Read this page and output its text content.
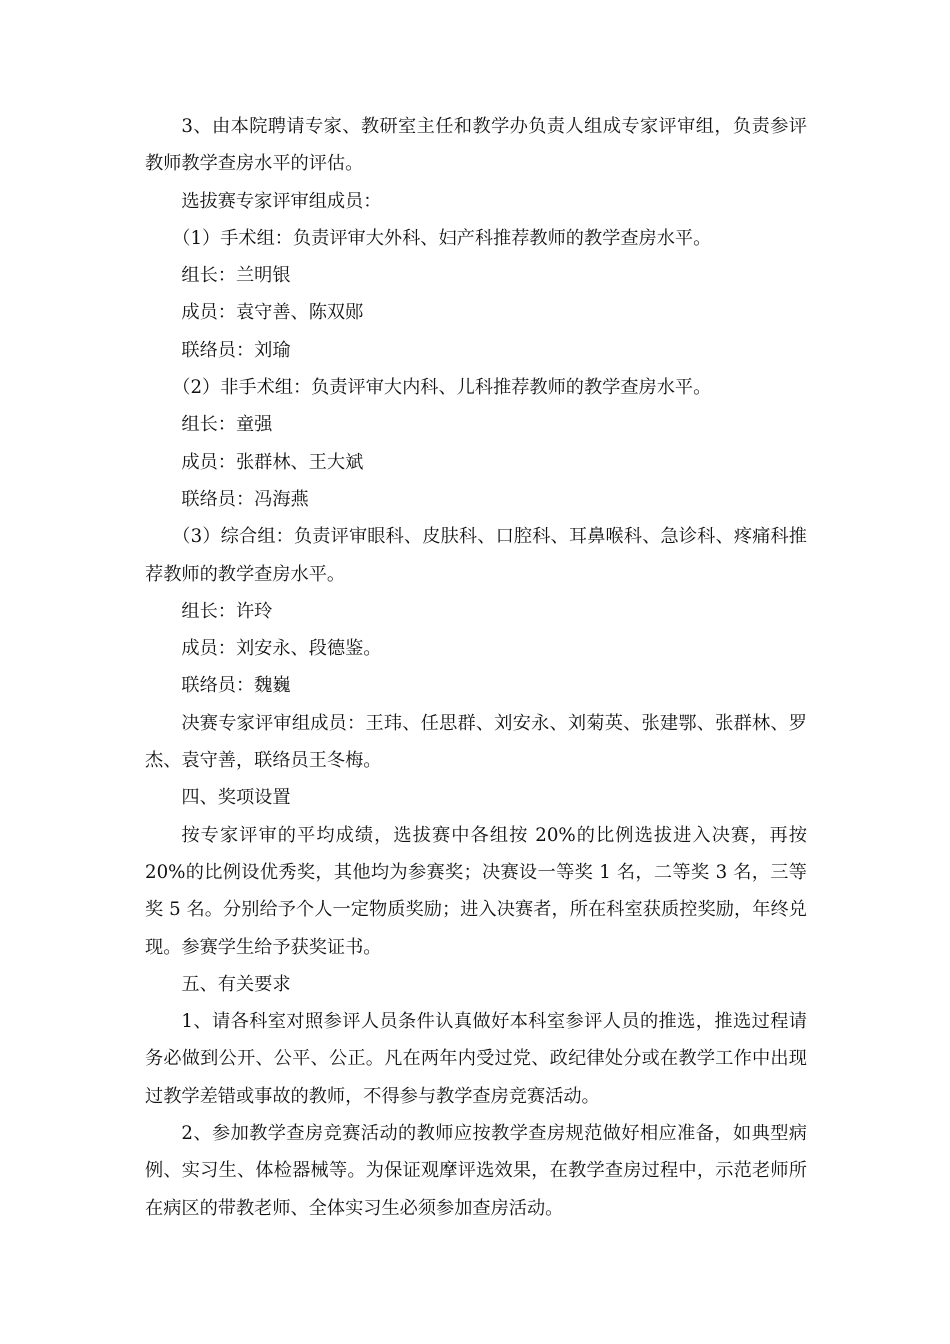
3、由本院聘请专家、教研室主任和教学办负责人组成专家评审组，负责参评教师教学查房水平的评估。

选拔赛专家评审组成员：

（1）手术组：负责评审大外科、妇产科推荐教师的教学查房水平。

组长：兰明银

成员：袁守善、陈双郧

联络员：刘瑜

（2）非手术组：负责评审大内科、儿科推荐教师的教学查房水平。

组长：童强

成员：张群林、王大斌

联络员：冯海燕

（3）综合组：负责评审眼科、皮肤科、口腔科、耳鼻喉科、急诊科、疼痛科推荐教师的教学查房水平。

组长：许玲

成员：刘安永、段德鉴。

联络员：魏巍

决赛专家评审组成员：王玮、任思群、刘安永、刘菊英、张建鄂、张群林、罗杰、袁守善，联络员王冬梅。

四、奖项设置

按专家评审的平均成绩，选拔赛中各组按 20%的比例选拔进入决赛，再按20%的比例设优秀奖，其他均为参赛奖；决赛设一等奖 1 名，二等奖 3 名，三等奖 5 名。分别给予个人一定物质奖励；进入决赛者，所在科室获质控奖励，年终兑现。参赛学生给予获奖证书。

五、有关要求

1、请各科室对照参评人员条件认真做好本科室参评人员的推选，推选过程请务必做到公开、公平、公正。凡在两年内受过党、政纪律处分或在教学工作中出现过教学差错或事故的教师，不得参与教学查房竞赛活动。

2、参加教学查房竞赛活动的教师应按教学查房规范做好相应准备，如典型病例、实习生、体检器械等。为保证观摩评选效果，在教学查房过程中，示范老师所在病区的带教老师、全体实习生必须参加查房活动。
